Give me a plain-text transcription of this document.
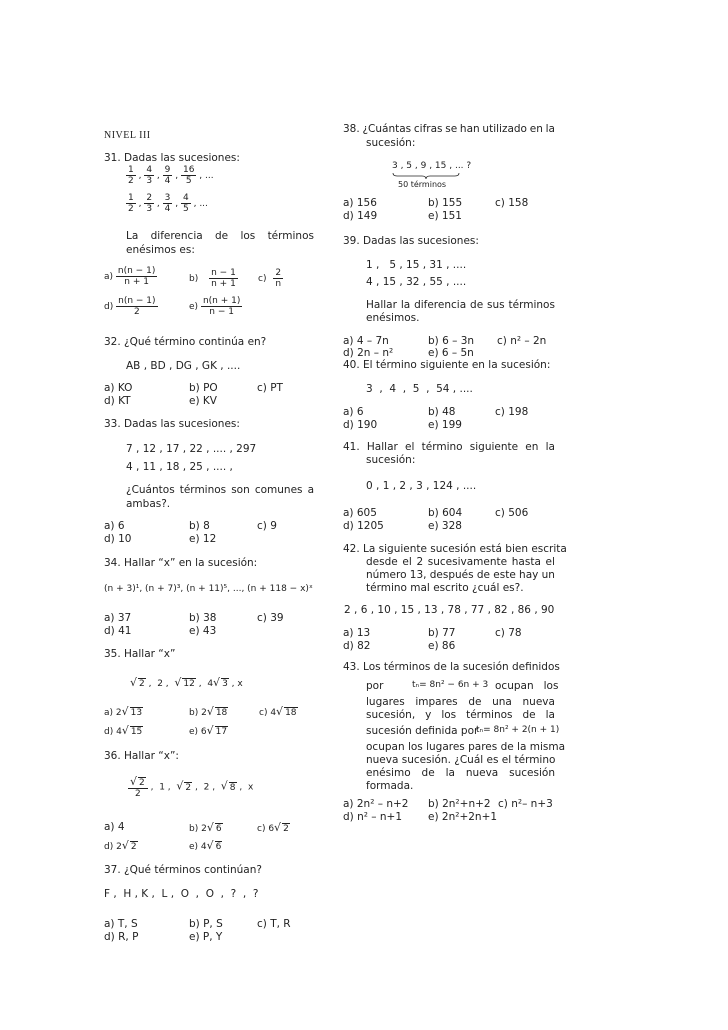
NIVEL III
31. Dadas las sucesiones:
$\frac{1}{2}$ , $\frac{4}{3}$ , $\frac{9}{4}$ , $\frac{16}{5}$ , ...
$\frac{1}{2}$ , $\frac{2}{3}$ , $\frac{3}{4}$ , $\frac{4}{5}$ , ...
La diferencia de los términos
enésimos es:
$a) \frac{n(n - 1)}{n + 1}$	$b) \frac{n - 1}{n + 1} c) \frac{2}{n}$
$d) \frac{n(n - 1)}{2}$	$e) \frac{n(n + 1)}{n - 1}$
32. ¿Qué término continúa en?
AB , BD , DG , GK , ....
a) KO	b) PO	c) PT
d) KT	e) KV
33. Dadas las sucesiones:
7 , 12 , 17 , 22 , .... , 297
4 , 11 , 18 , 25 , .... ,
¿Cuántos términos son comunes a
ambas?.
a) 6	b) 8	c) 9
d) 10	e) 12
34. Hallar “x” en la sucesión:
(n + 3)¹, (n + 7)³, (n + 11)⁵, ..., (n + 118 − x)ˣ
a) 37	b) 38	c) 39
d) 41	e) 43
35. Hallar “x”
√ 2 ,  2 ,  √ 12 ,  4√ 3 , x
a) 2√ 13	b) 2√ 18	c) 4√ 18
d) 4√ 15	e) 6√ 17
36. Hallar “x”:
$\frac{√ 2}{2}$ ,  1 ,  √ 2 ,  2 ,  √ 8 ,  x
a) 4	b) 2√ 6	c) 6√ 2
d) 2√ 2	e) 4√ 6
37. ¿Qué términos continúan?
F ,  H , K ,  L ,  O  ,  O  ,  ?  ,  ?
a) T, S	b) P, S	c) T, R
d) R, P	e) P, Y
38. ¿Cuántas cifras se han utilizado en la
sucesión:
3 , 5 , 9 , 15 , ... ?
50 términos
a) 156	b) 155	c) 158
d) 149	e) 151
39. Dadas las sucesiones:
1 ,   5 , 15 , 31 , ....
4 , 15 , 32 , 55 , ....
Hallar la diferencia de sus términos
enésimos.
a) 4 – 7n	b) 6 – 3n c) n² – 2n
d) 2n – n²	e) 6 – 5n
40. El término siguiente en la sucesión:
3  ,  4  ,  5  ,  54 , ....
a) 6	b) 48	c) 198
d) 190	e) 199
41. Hallar el término siguiente en la
sucesión:
0 , 1 , 2 , 3 , 124 , ....
a) 605	b) 604	c) 506
d) 1205	e) 328
42. La siguiente sucesión está bien escrita
desde el 2 sucesivamente hasta el
número 13, después de este hay un
término mal escrito ¿cuál es?.
2 , 6 , 10 , 15 , 13 , 78 , 77 , 82 , 86 , 90
a) 13	b) 77	c) 78
d) 82	e) 86
43. Los términos de la sucesión definidos
por	tₙ= 8n² − 6n + 3 ocupan   los
lugares impares de una nueva
sucesión, y los términos de la
sucesión definida por
tₙ= 8n² + 2(n + 1)
ocupan los lugares pares de la misma
nueva sucesión. ¿Cuál es el término
enésimo de la nueva sucesión
formada.
a) 2n² – n+2 b) 2n²+n+2 c) n²– n+3
d) n² – n+1 e) 2n²+2n+1
